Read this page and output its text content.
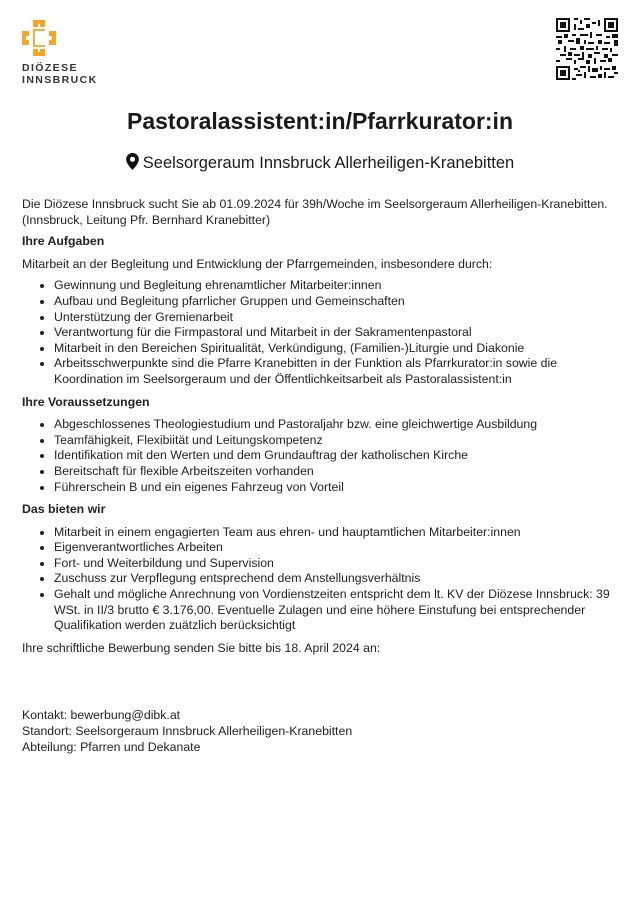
DIÖZESE
INNSBRUCK
Pastoralassistent:in/Pfarrkurator:in
Seelsorgeraum Innsbruck Allerheiligen-Kranebitten

Die Diözese Innsbruck sucht Sie ab 01.09.2024 für 39h/Woche im Seelsorgeraum Allerheiligen-Kranebitten. (Innsbruck, Leitung Pfr. Bernhard Kranebitter)

Ihre Aufgaben

Mitarbeit an der Begleitung und Entwicklung der Pfarrgemeinden, insbesondere durch:

• Gewinnung und Begleitung ehrenamtlicher Mitarbeiter:innen
• Aufbau und Begleitung pfarrlicher Gruppen und Gemeinschaften
• Unterstützung der Gremienarbeit
• Verantwortung für die Firmpastoral und Mitarbeit in der Sakramentenpastoral
• Mitarbeit in den Bereichen Spiritualität, Verkündigung, (Familien-)Liturgie und Diakonie
• Arbeitsschwerpunkte sind die Pfarre Kranebitten in der Funktion als Pfarrkurator:in sowie die Koordination im Seelsorgeraum und der Öffentlichkeitsarbeit als Pastoralassistent:in
Ihre Voraussetzungen
• Abgeschlossenes Theologiestudium und Pastoraljahr bzw. eine gleichwertige Ausbildung
• Teamfähigkeit, Flexibiität und Leitungskompetenz
• Identifikation mit den Werten und dem Grundauftrag der katholischen Kirche
• Bereitschaft für flexible Arbeitszeiten vorhanden
• Führerschein B und ein eigenes Fahrzeug von Vorteil
Das bieten wir
• Mitarbeit in einem engagierten Team aus ehren- und hauptamtlichen Mitarbeiter:innen
• Eigenverantwortliches Arbeiten
• Fort- und Weiterbildung und Supervision
• Zuschuss zur Verpflegung entsprechend dem Anstellungsverhältnis
• Gehalt und mögliche Anrechnung von Vordienstzeiten entspricht dem lt. KV der Diözese Innsbruck: 39 WSt. in II/3 brutto € 3.176,00. Eventuelle Zulagen und eine höhere Einstufung bei entsprechender Qualifikation werden zuätzlich berücksichtigt

Ihre schriftliche Bewerbung senden Sie bitte bis 18. April 2024 an:

Kontakt: bewerbung@dibk.at
Standort: Seelsorgeraum Innsbruck Allerheiligen-Kranebitten
Abteilung: Pfarren und Dekanate
